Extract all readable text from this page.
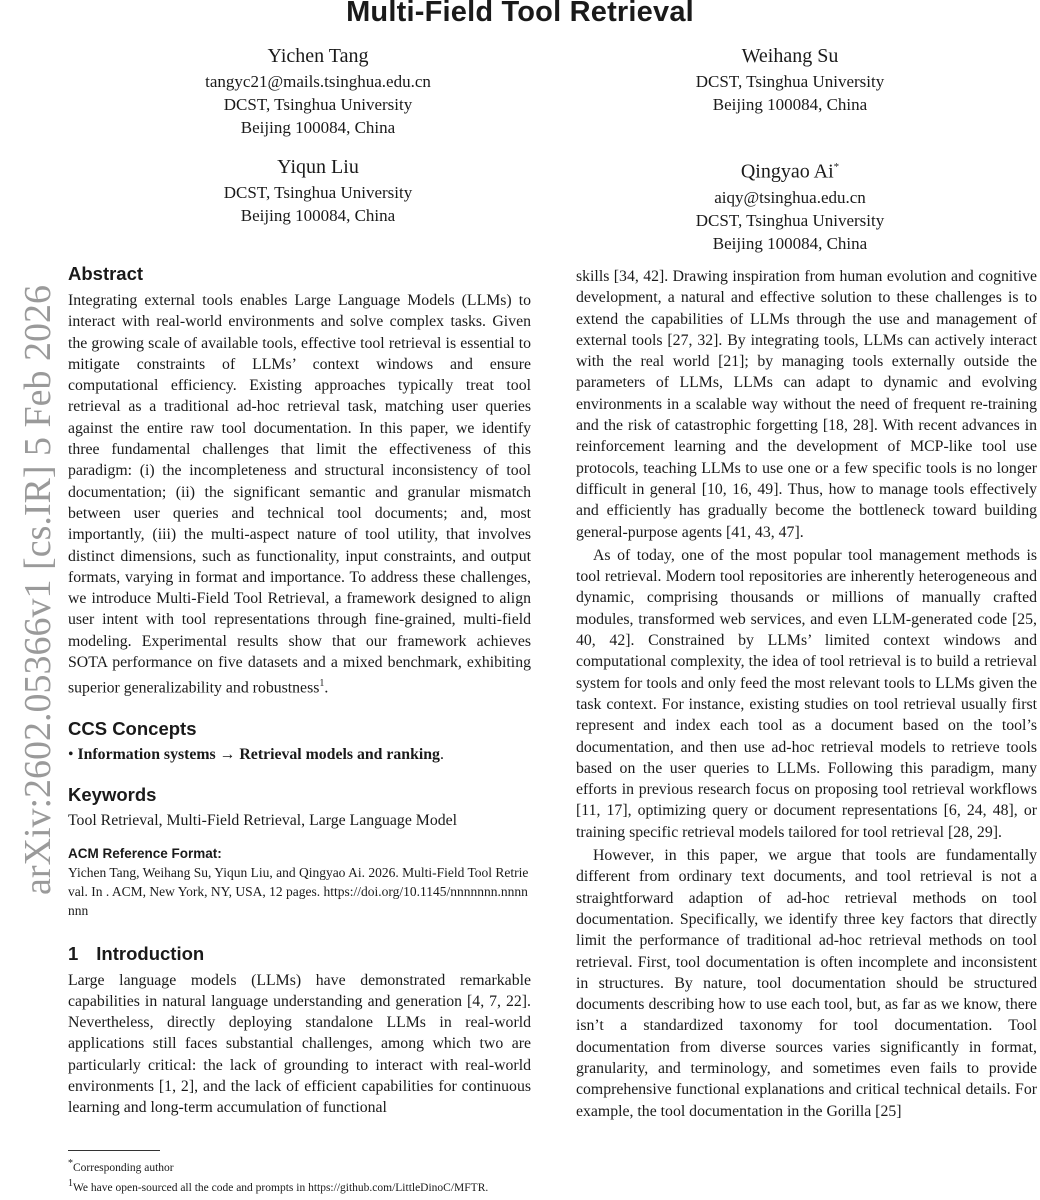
Multi-Field Tool Retrieval
Yichen Tang
tangyc21@mails.tsinghua.edu.cn
DCST, Tsinghua University
Beijing 100084, China
Weihang Su
DCST, Tsinghua University
Beijing 100084, China
Yiqun Liu
DCST, Tsinghua University
Beijing 100084, China
Qingyao Ai*
aiqy@tsinghua.edu.cn
DCST, Tsinghua University
Beijing 100084, China
arXiv:2602.05366v1 [cs.IR] 5 Feb 2026
Abstract

Integrating external tools enables Large Language Models (LLMs) to interact with real-world environments and solve complex tasks. Given the growing scale of available tools, effective tool retrieval is essential to mitigate constraints of LLMs’ context windows and ensure computational efficiency. Existing approaches typically treat tool retrieval as a traditional ad-hoc retrieval task, matching user queries against the entire raw tool documentation. In this paper, we identify three fundamental challenges that limit the effectiveness of this paradigm: (i) the incompleteness and structural inconsistency of tool documentation; (ii) the significant semantic and granular mismatch between user queries and technical tool documents; and, most importantly, (iii) the multi-aspect nature of tool utility, that involves distinct dimensions, such as functionality, input constraints, and output formats, varying in format and importance. To address these challenges, we introduce Multi-Field Tool Retrieval, a framework designed to align user intent with tool representations through fine-grained, multi-field modeling. Experimental results show that our framework achieves SOTA performance on five datasets and a mixed benchmark, exhibiting superior generalizability and robustness$^1$.

CCS Concepts

• Information systems → Retrieval models and ranking.

Keywords

Tool Retrieval, Multi-Field Retrieval, Large Language Model

ACM Reference Format:
Yichen Tang, Weihang Su, Yiqun Liu, and Qingyao Ai. 2026. Multi-Field Tool Retrieval. In . ACM, New York, NY, USA, 12 pages. https://doi.org/10.1145/nnnnnnn.nnnnnnn
1 Introduction

Large language models (LLMs) have demonstrated remarkable capabilities in natural language understanding and generation [4, 7, 22]. Nevertheless, directly deploying standalone LLMs in real-world applications still faces substantial challenges, among which two are particularly critical: the lack of grounding to interact with real-world environments [1, 2], and the lack of efficient capabilities for continuous learning and long-term accumulation of functional

*Corresponding author
$^1$We have open-sourced all the code and prompts in https://github.com/LittleDinoC/MFTR.

skills [34, 42]. Drawing inspiration from human evolution and cognitive development, a natural and effective solution to these challenges is to extend the capabilities of LLMs through the use and management of external tools [27, 32]. By integrating tools, LLMs can actively interact with the real world [21]; by managing tools externally outside the parameters of LLMs, LLMs can adapt to dynamic and evolving environments in a scalable way without the need of frequent re-training and the risk of catastrophic forgetting [18, 28]. With recent advances in reinforcement learning and the development of MCP-like tool use protocols, teaching LLMs to use one or a few specific tools is no longer difficult in general [10, 16, 49]. Thus, how to manage tools effectively and efficiently has gradually become the bottleneck toward building general-purpose agents [41, 43, 47].

As of today, one of the most popular tool management methods is tool retrieval. Modern tool repositories are inherently heterogeneous and dynamic, comprising thousands or millions of manually crafted modules, transformed web services, and even LLM-generated code [25, 40, 42]. Constrained by LLMs’ limited context windows and computational complexity, the idea of tool retrieval is to build a retrieval system for tools and only feed the most relevant tools to LLMs given the task context. For instance, existing studies on tool retrieval usually first represent and index each tool as a document based on the tool’s documentation, and then use ad-hoc retrieval models to retrieve tools based on the user queries to LLMs. Following this paradigm, many efforts in previous research focus on proposing tool retrieval workflows [11, 17], optimizing query or document representations [6, 24, 48], or training specific retrieval models tailored for tool retrieval [28, 29].

However, in this paper, we argue that tools are fundamentally different from ordinary text documents, and tool retrieval is not a straightforward adaption of ad-hoc retrieval methods on tool documentation. Specifically, we identify three key factors that directly limit the performance of traditional ad-hoc retrieval methods on tool retrieval. First, tool documentation is often incomplete and inconsistent in structures. By nature, tool documentation should be structured documents describing how to use each tool, but, as far as we know, there isn’t a standardized taxonomy for tool documentation. Tool documentation from diverse sources varies significantly in format, granularity, and terminology, and sometimes even fails to provide comprehensive functional explanations and critical technical details. For example, the tool documentation in the Gorilla [25]
